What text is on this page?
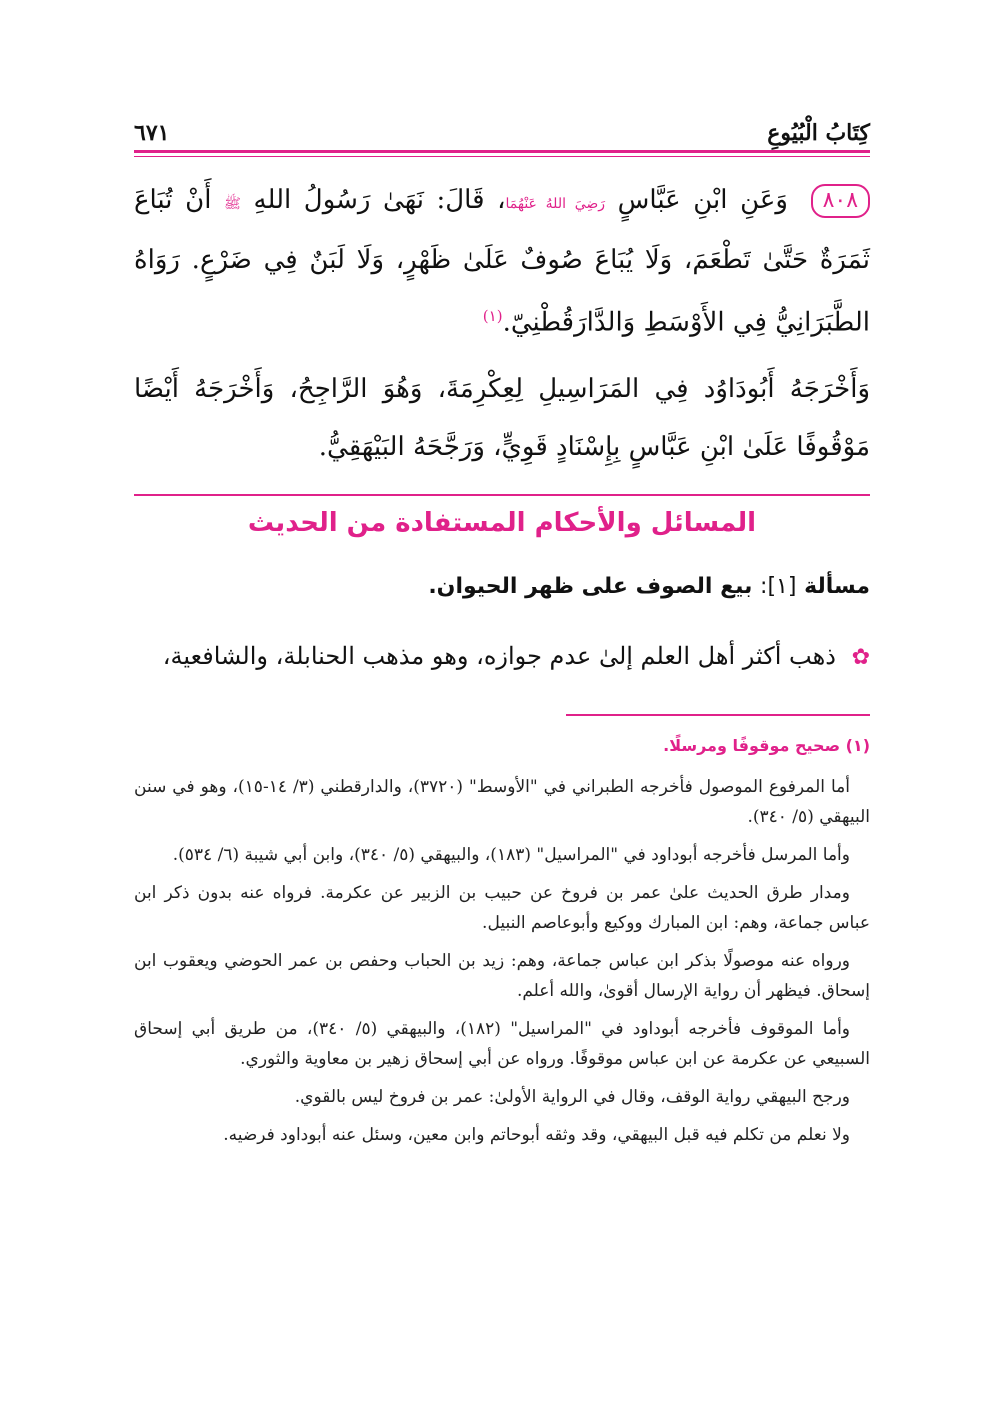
كِتَابُ الْبُيُوعِ
٦٧١
٨٠٨ وَعَنِ ابْنِ عَبَّاسٍ رَضِيَ اللهُ عَنْهُمَا، قَالَ: نَهَىٰ رَسُولُ اللهِ ﷺ أَنْ تُبَاعَ ثَمَرَةٌ حَتَّىٰ تَطْعَمَ، وَلَا يُبَاعَ صُوفٌ عَلَىٰ ظَهْرٍ، وَلَا لَبَنٌ فِي ضَرْعٍ. رَوَاهُ الطَّبَرَانِيُّ فِي الأَوْسَطِ وَالدَّارَقُطْنِيّ.$^{(١)}$
وَأَخْرَجَهُ أَبُودَاوُد فِي المَرَاسِيلِ لِعِكْرِمَةَ، وَهُوَ الرَّاجِحُ، وَأَخْرَجَهُ أَيْضًا مَوْقُوفًا عَلَىٰ ابْنِ عَبَّاسٍ بِإِسْنَادٍ قَوِيٍّ، وَرَجَّحَهُ البَيْهَقِيُّ.
المسائل والأحكام المستفادة من الحديث
مسألة [١]: بيع الصوف على ظهر الحيوان.
✿ ذهب أكثر أهل العلم إلىٰ عدم جوازه، وهو مذهب الحنابلة، والشافعية،
(١) صحيح موقوفًا ومرسلًا.

أما المرفوع الموصول فأخرجه الطبراني في "الأوسط" (٣٧٢٠)، والدارقطني (٣/ ١٤-١٥)، وهو في سنن البيهقي (٥/ ٣٤٠).

وأما المرسل فأخرجه أبوداود في "المراسيل" (١٨٣)، والبيهقي (٥/ ٣٤٠)، وابن أبي شيبة (٦/ ٥٣٤).

ومدار طرق الحديث علىٰ عمر بن فروخ عن حبيب بن الزبير عن عكرمة. فرواه عنه بدون ذكر ابن عباس جماعة، وهم: ابن المبارك ووكيع وأبوعاصم النبيل.

ورواه عنه موصولًا بذكر ابن عباس جماعة، وهم: زيد بن الحباب وحفص بن عمر الحوضي ويعقوب ابن إسحاق. فيظهر أن رواية الإرسال أقوىٰ، والله أعلم.

وأما الموقوف فأخرجه أبوداود في "المراسيل" (١٨٢)، والبيهقي (٥/ ٣٤٠)، من طريق أبي إسحاق السبيعي عن عكرمة عن ابن عباس موقوفًا. ورواه عن أبي إسحاق زهير بن معاوية والثوري.

ورجح البيهقي رواية الوقف، وقال في الرواية الأولىٰ: عمر بن فروخ ليس بالقوي.

ولا نعلم من تكلم فيه قبل البيهقي، وقد وثقه أبوحاتم وابن معين، وسئل عنه أبوداود فرضيه.
